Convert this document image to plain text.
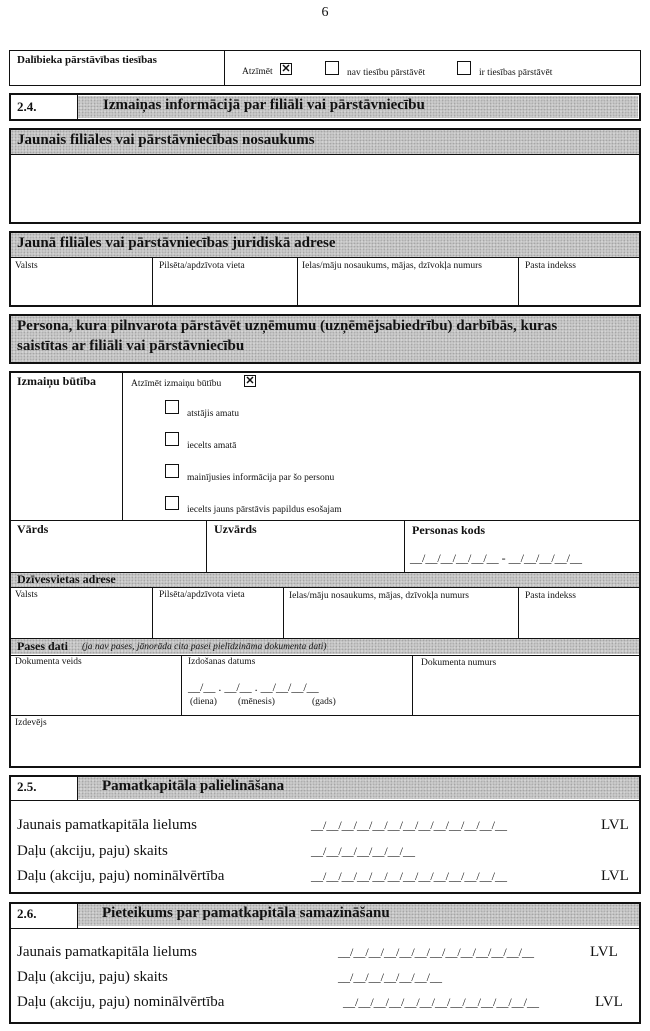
6
Dalībieka pārstāvības tiesības
Atzīmēt ✕	nav tiesību pārstāvēt	ir tiesības pārstāvēt
2.4.	Izmaiņas informācijā par filiāli vai pārstāvniecību
Jaunais filiāles vai pārstāvniecības nosaukums
Jaunā filiāles vai pārstāvniecības juridiskā adrese
Valsts	Pilsēta/apdzīvota vieta	Ielas/māju nosaukums, mājas, dzīvokļa numurs	Pasta indekss
Persona, kura pilnvarota pārstāvēt uzņēmumu (uzņēmējsabiedrību) darbībās, kuras
saistītas ar filiāli vai pārstāvniecību
Izmaiņu būtība	Atzīmēt izmaiņu būtību ✕
atstājis amatu
iecelts amatā
mainījusies informācija par šo personu
iecelts jauns pārstāvis papildus esošajam
Vārds	Uzvārds	Personas kods
__/__/__/__/__/__ - __/__/__/__/__
Dzīvesvietas adrese
Valsts	Pilsēta/apdzīvota vieta	Ielas/māju nosaukums, mājas, dzīvokļa numurs	Pasta indekss
Pases dati (ja nav pases, jānorāda cita pasei pielīdzināma dokumenta dati)
Dokumenta veids	Izdošanas datums
__/__ . __/__ . __/__/__/__
(diena) (mēnesis)	(gads)
Dokumenta numurs
Izdevējs
2.5.	Pamatkapitāla palielināšana
Jaunais pamatkapitāla lielums	__/__/__/__/__/__/__/__/__/__/__/__/__	LVL
Daļu (akciju, paju) skaits	__/__/__/__/__/__/__
Daļu (akciju, paju) nominālvērtība	__/__/__/__/__/__/__/__/__/__/__/__/__	LVL
2.6.	Pieteikums par pamatkapitāla samazināšanu
Jaunais pamatkapitāla lielums	__/__/__/__/__/__/__/__/__/__/__/__/__	LVL
Daļu (akciju, paju) skaits	__/__/__/__/__/__/__
Daļu (akciju, paju) nominālvērtība	__/__/__/__/__/__/__/__/__/__/__/__/__	LVL
